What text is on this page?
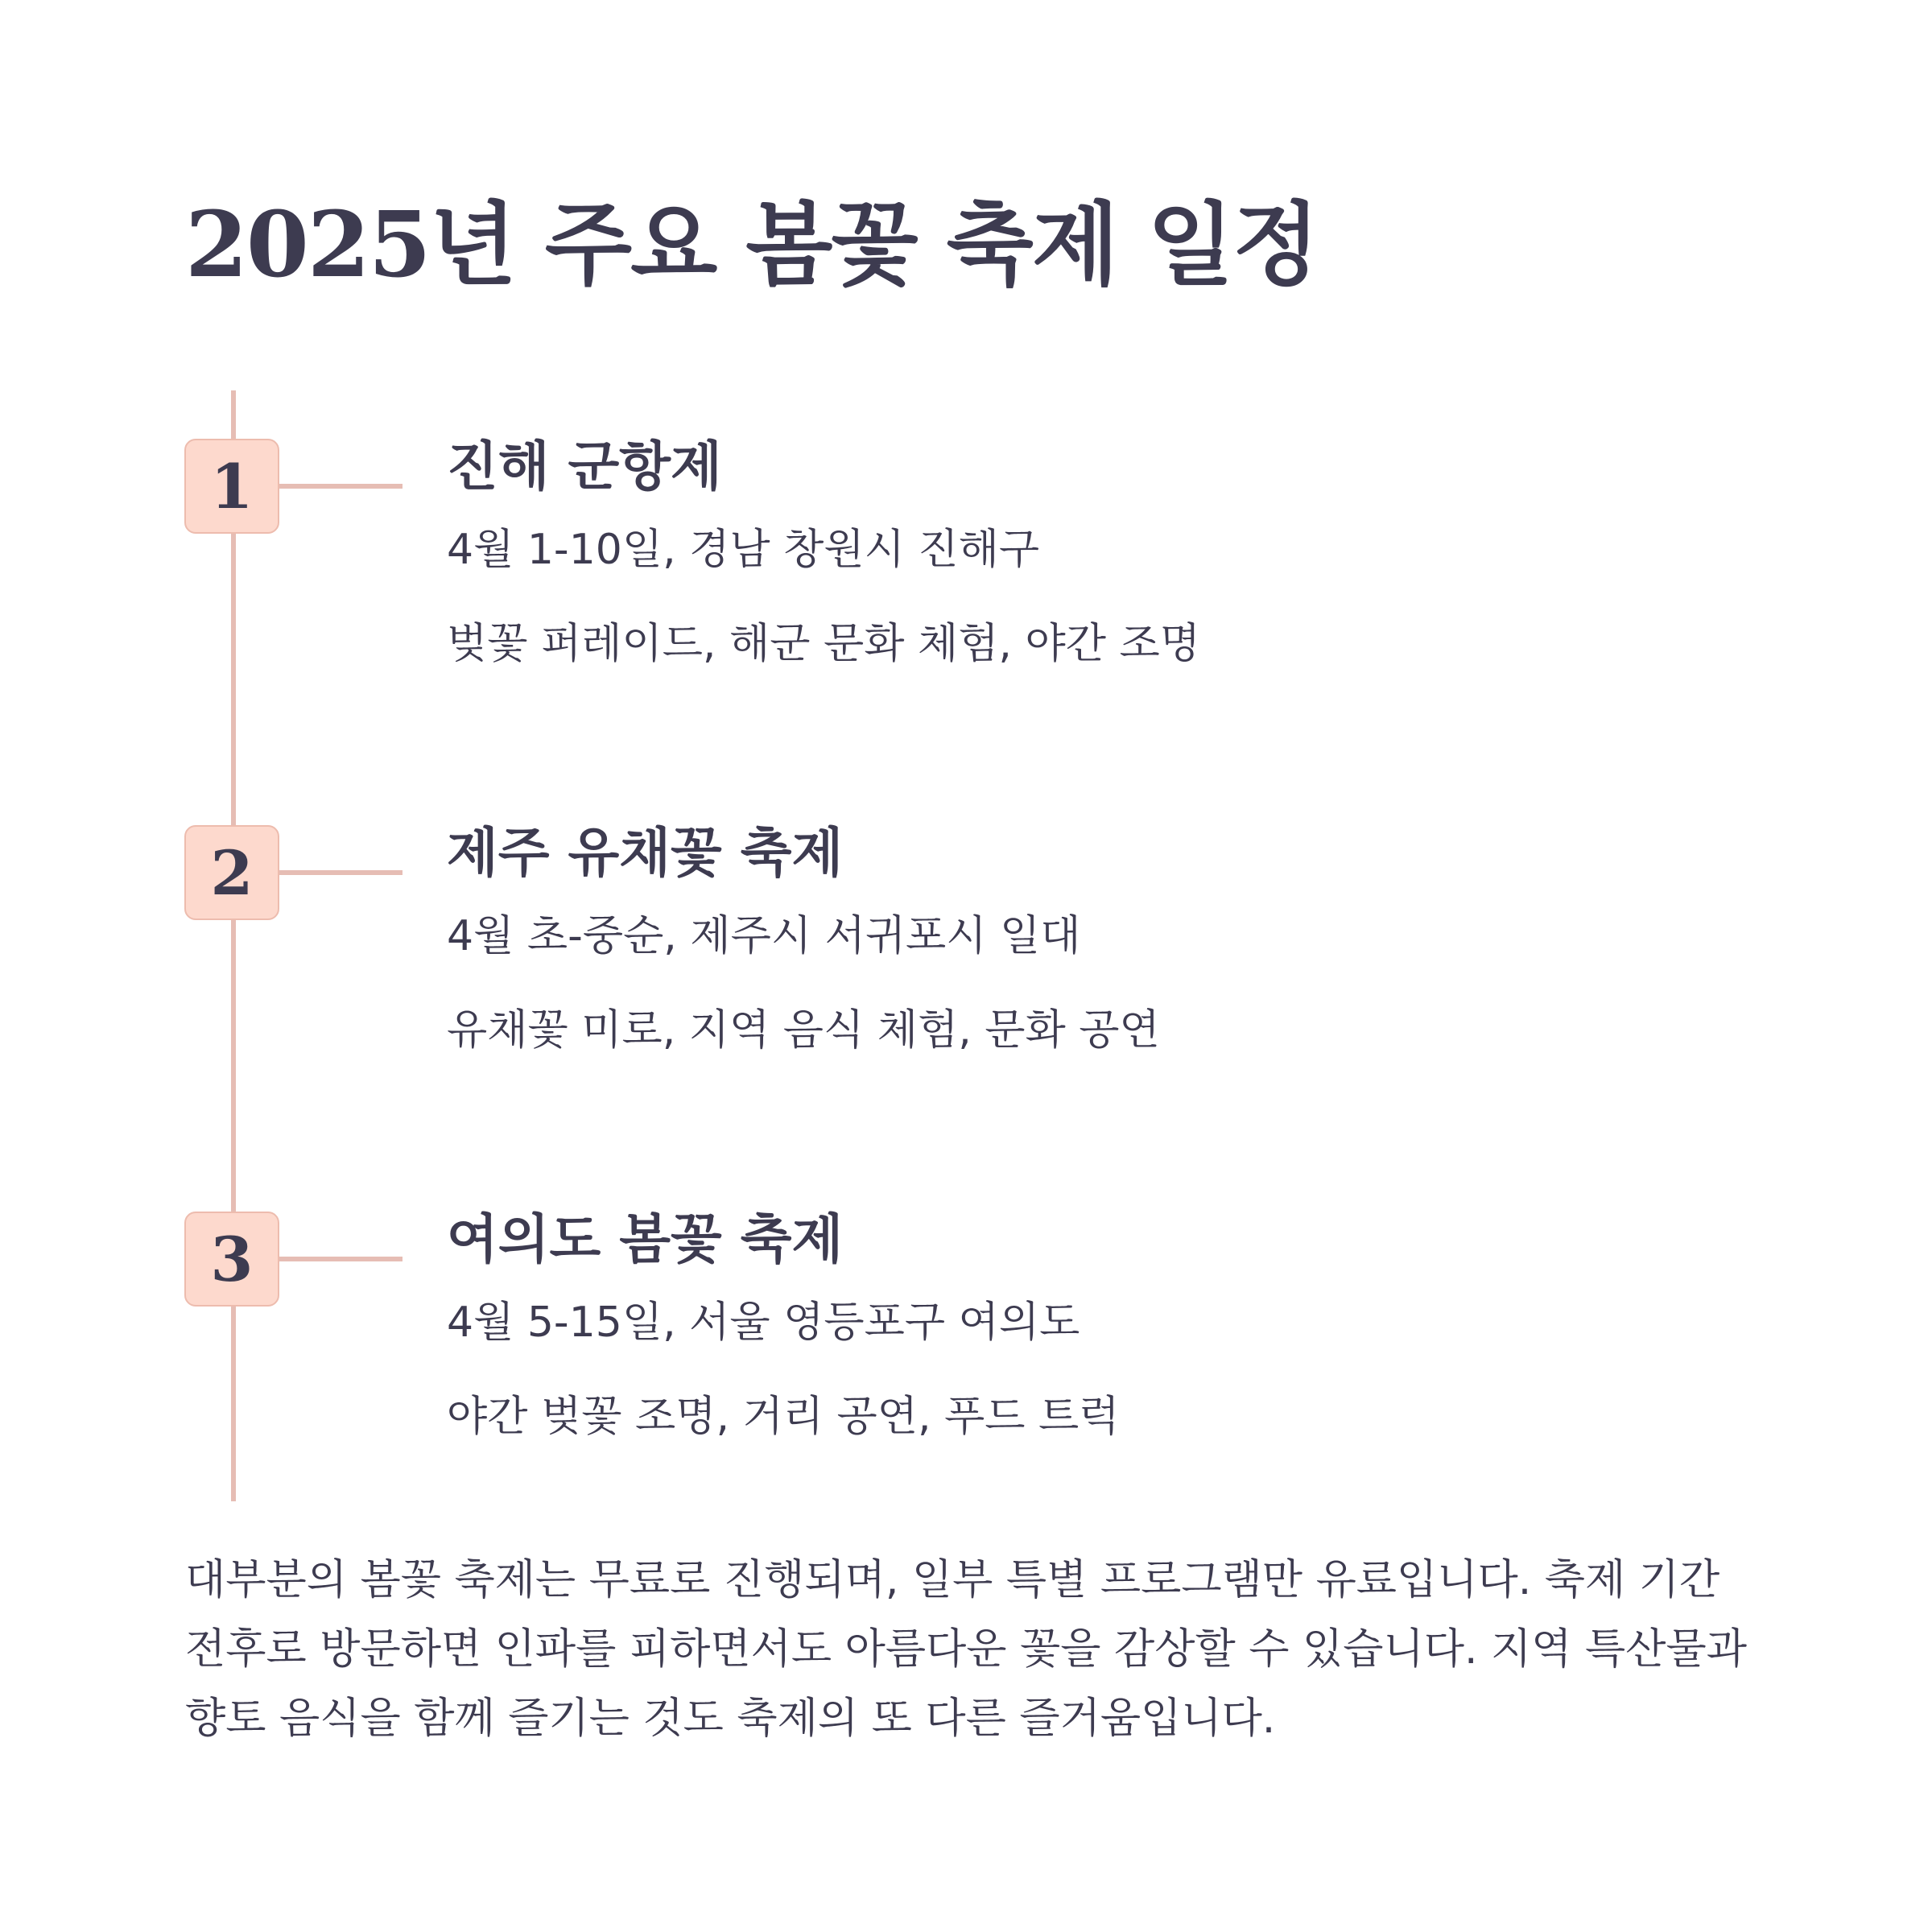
2025년 주요 봄꽃 축제 일정
1	진해 군항제
4월 1-10일, 경남 창원시 진해구
벚꽃 퍼레이드, 해군 문화 체험, 야간 조명
2	제주 유채꽃 축제
4월 초-중순, 제주시 서귀포시 일대
유채꽃 미로, 지역 음식 체험, 문화 공연
3	여의도 봄꽃 축제
4월 5-15일, 서울 영등포구 여의도
야간 벚꽃 조명, 거리 공연, 푸드 트럭

대부분의 봄꽃 축제는 무료로 진행되며, 일부 특별 프로그램만 유료입니다. 축제 기간 전후로 방문하면 인파를 피하면서도 아름다운 꽃을 감상할 수 있습니다. 지역 특산물과 향토 음식을 함께 즐기는 것도 축제의 또 다른 즐거움입니다.
